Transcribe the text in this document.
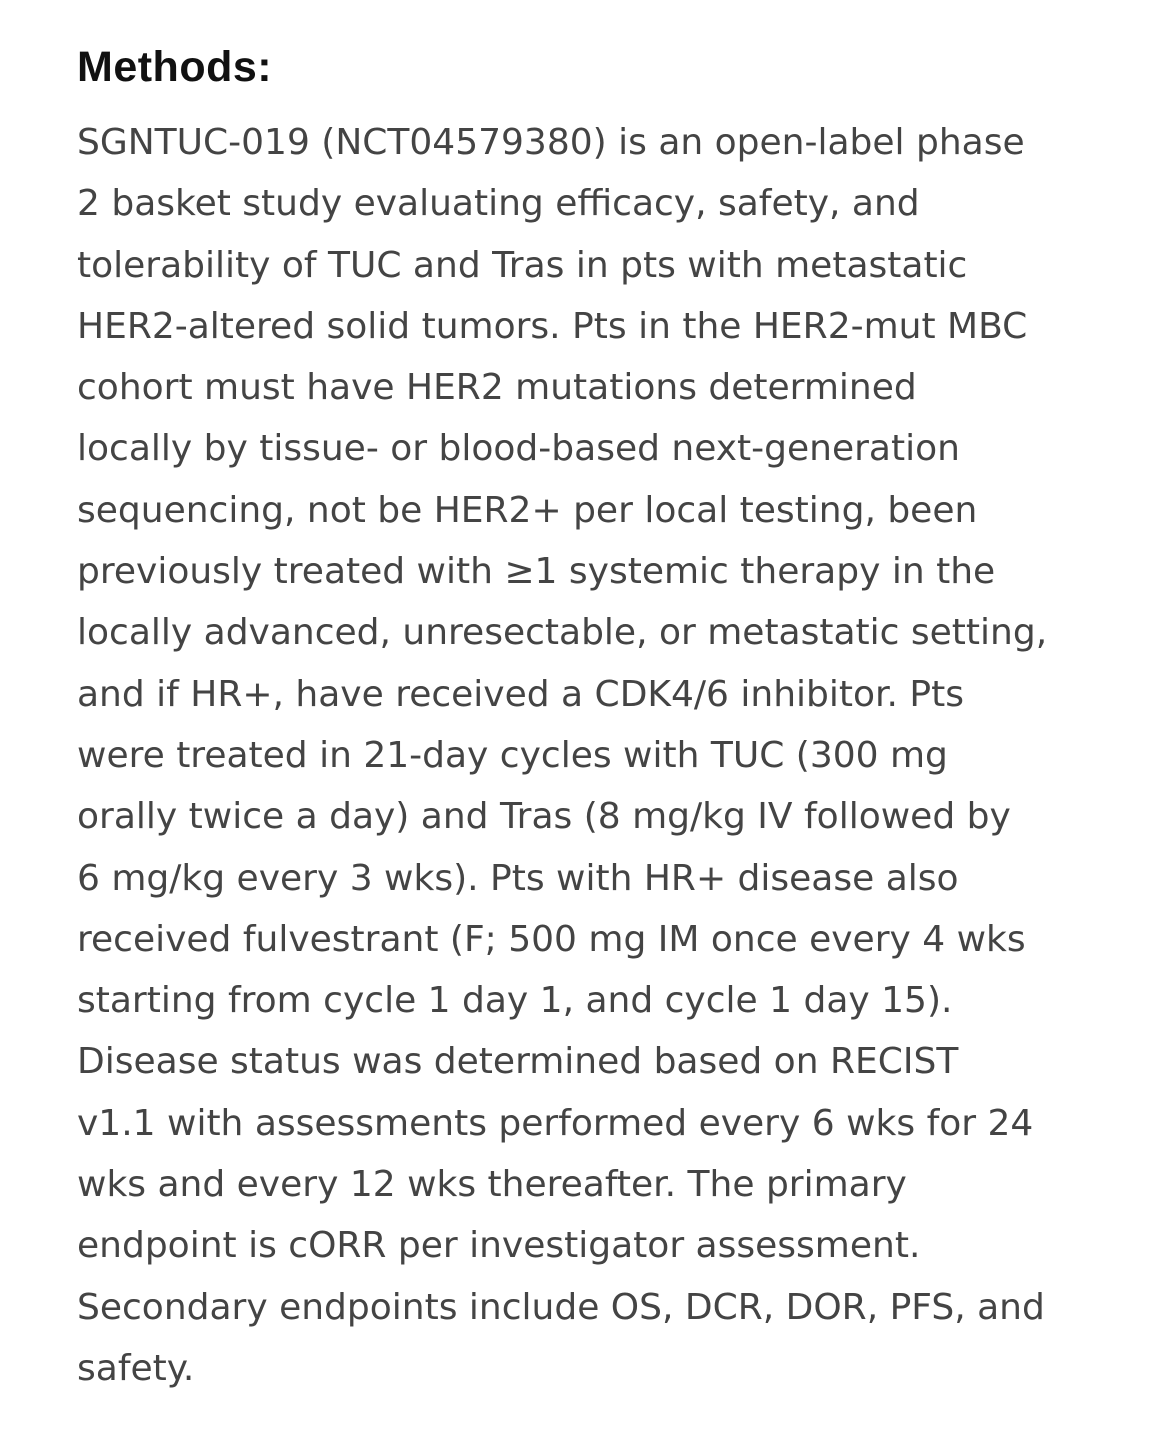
Methods:

SGNTUC-019 (NCT04579380) is an open-label phase
2 basket study evaluating efficacy, safety, and
tolerability of TUC and Tras in pts with metastatic
HER2-altered solid tumors. Pts in the HER2-mut MBC
cohort must have HER2 mutations determined
locally by tissue- or blood-based next-generation
sequencing, not be HER2+ per local testing, been
previously treated with ≥1 systemic therapy in the
locally advanced, unresectable, or metastatic setting,
and if HR+, have received a CDK4/6 inhibitor. Pts
were treated in 21-day cycles with TUC (300 mg
orally twice a day) and Tras (8 mg/kg IV followed by
6 mg/kg every 3 wks). Pts with HR+ disease also
received fulvestrant (F; 500 mg IM once every 4 wks
starting from cycle 1 day 1, and cycle 1 day 15).
Disease status was determined based on RECIST
v1.1 with assessments performed every 6 wks for 24
wks and every 12 wks thereafter. The primary
endpoint is cORR per investigator assessment.
Secondary endpoints include OS, DCR, DOR, PFS, and
safety.
